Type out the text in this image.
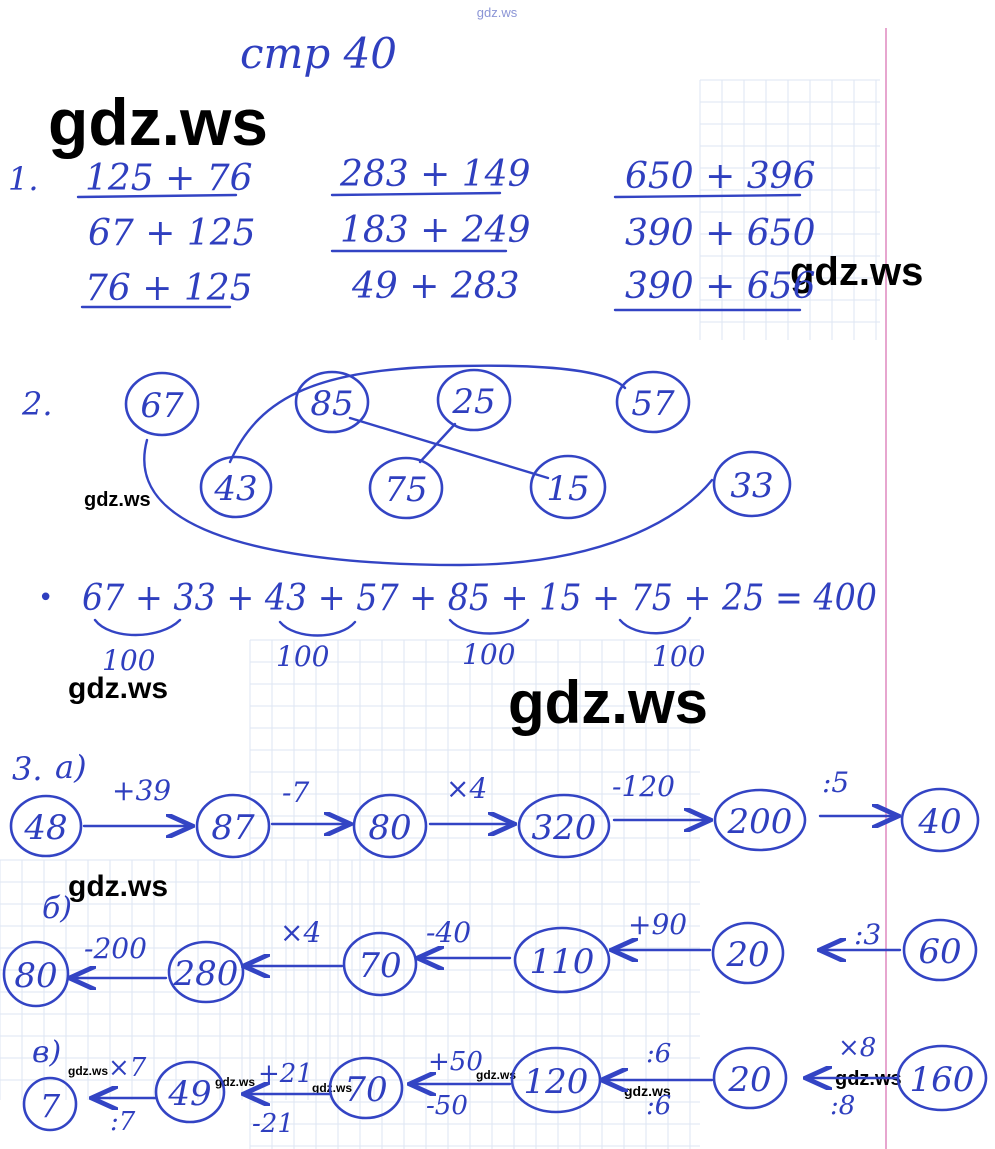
gdz.ws
стр 40
gdz.ws
gdz.ws
gdz.ws
gdz.ws	gdz.ws
gdz.ws
gdz.ws
gdz.ws	gdz.ws
gdz.ws
gdz.ws
gdz.ws
1. 125 + 76
67 + 125
76 + 125
283 + 149
183 + 249
49 + 283
650 + 396
390 + 650
390 + 656
2.	67	85	25	57
43	75	15	33
• 67 + 33 + 43 + 57 + 85 + 15 + 75 + 25 = 400
100	100	100	100
3. а)
48	87	80	320	200	40
+39	-7	×4	-120	:5
б)
80	280	70	110	20	60
-200	×4	-40	+90	:3
в)
7	49	70	120	20	160
×7	+21	+50	:6	×8
:7	-21
-50	:6	:8
